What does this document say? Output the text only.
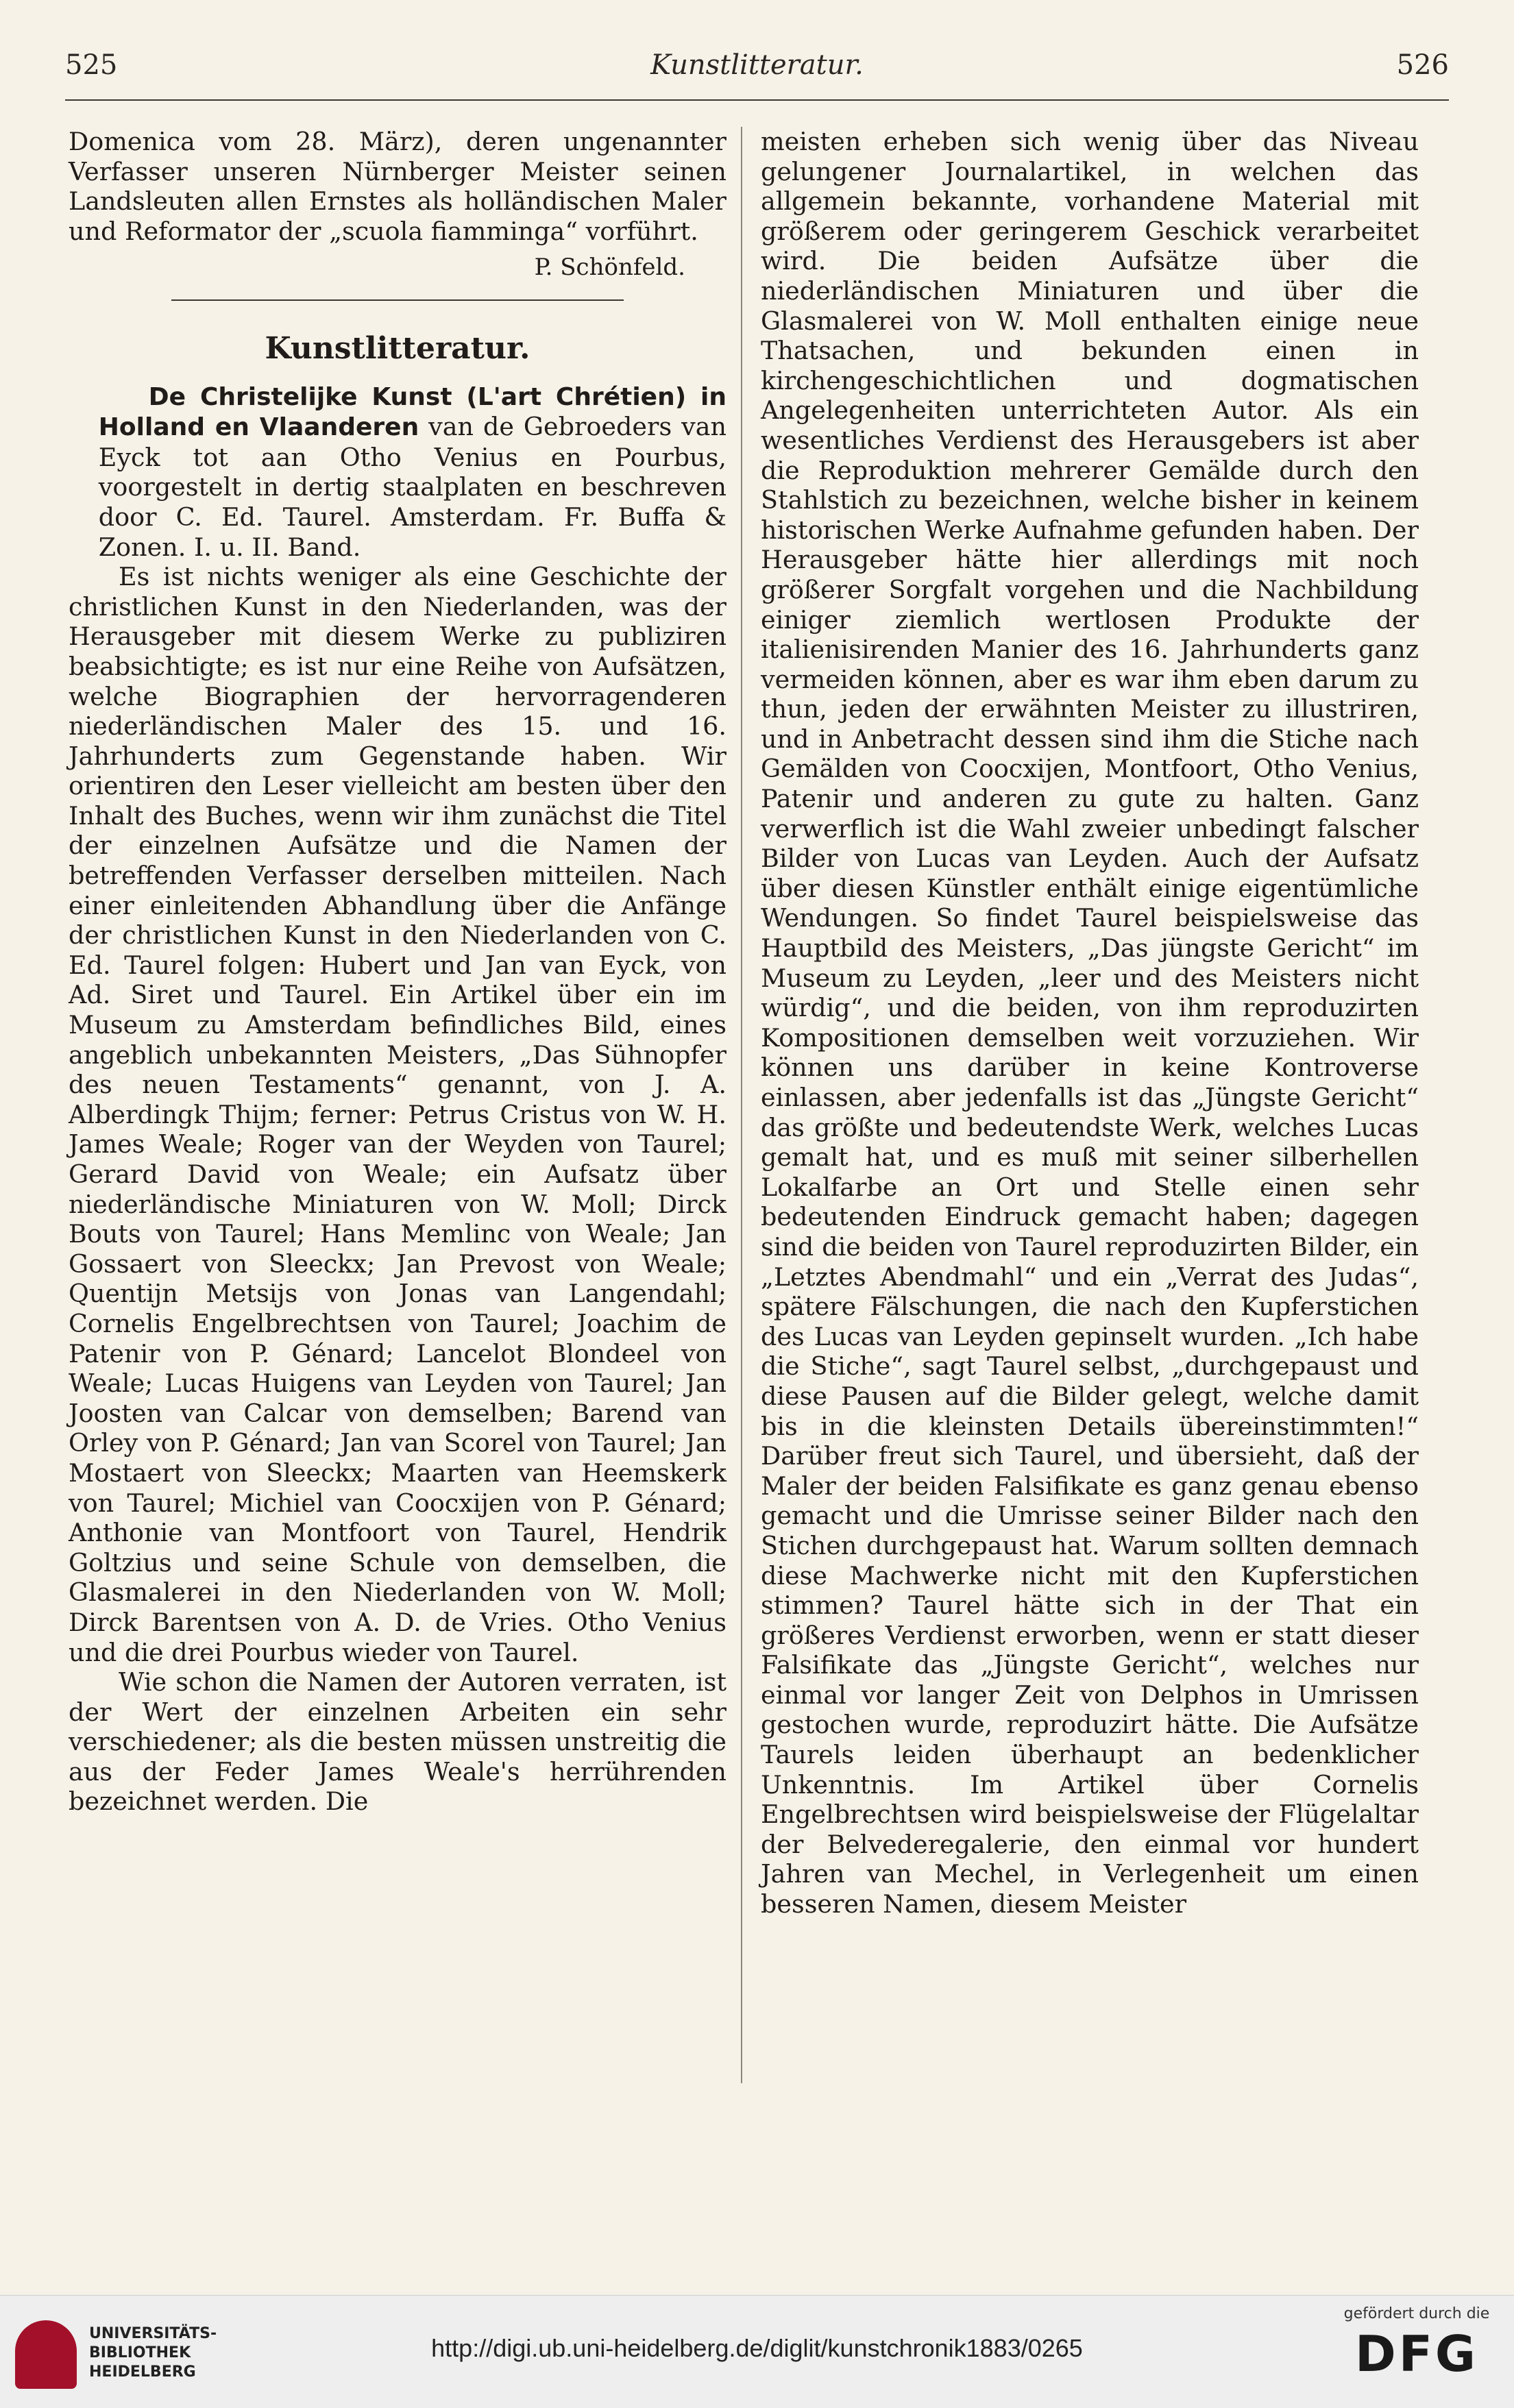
525	Kunstlitteratur.	526

Domenica vom 28. März), deren ungenannter Verfasser unseren Nürnberger Meister seinen Landsleuten allen Ernstes als holländischen Maler und Reformator der „scuola fiamminga“ vorführt.

P. Schönfeld.
Kunstlitteratur.

De Christelijke Kunst (L'art Chrétien) in Holland en Vlaanderen van de Gebroeders van Eyck tot aan Otho Venius en Pourbus, voorgestelt in dertig staalplaten en beschreven door C. Ed. Taurel. Amsterdam. Fr. Buffa & Zonen. I. u. II. Band.

Es ist nichts weniger als eine Geschichte der christlichen Kunst in den Niederlanden, was der Herausgeber mit diesem Werke zu publiziren beabsichtigte; es ist nur eine Reihe von Aufsätzen, welche Biographien der hervorragenderen niederländischen Maler des 15. und 16. Jahrhunderts zum Gegenstande haben. Wir orientiren den Leser vielleicht am besten über den Inhalt des Buches, wenn wir ihm zunächst die Titel der einzelnen Aufsätze und die Namen der betreffenden Verfasser derselben mitteilen. Nach einer einleitenden Abhandlung über die Anfänge der christlichen Kunst in den Niederlanden von C. Ed. Taurel folgen: Hubert und Jan van Eyck, von Ad. Siret und Taurel. Ein Artikel über ein im Museum zu Amsterdam befindliches Bild, eines angeblich unbekannten Meisters, „Das Sühnopfer des neuen Testaments“ genannt, von J. A. Alberdingk Thijm; ferner: Petrus Cristus von W. H. James Weale; Roger van der Weyden von Taurel; Gerard David von Weale; ein Aufsatz über niederländische Miniaturen von W. Moll; Dirck Bouts von Taurel; Hans Memlinc von Weale; Jan Gossaert von Sleeckx; Jan Prevost von Weale; Quentijn Metsijs von Jonas van Langendahl; Cornelis Engelbrechtsen von Taurel; Joachim de Patenir von P. Génard; Lancelot Blondeel von Weale; Lucas Huigens van Leyden von Taurel; Jan Joosten van Calcar von demselben; Barend van Orley von P. Génard; Jan van Scorel von Taurel; Jan Mostaert von Sleeckx; Maarten van Heemskerk von Taurel; Michiel van Coocxijen von P. Génard; Anthonie van Montfoort von Taurel, Hendrik Goltzius und seine Schule von demselben, die Glasmalerei in den Niederlanden von W. Moll; Dirck Barentsen von A. D. de Vries. Otho Venius und die drei Pourbus wieder von Taurel.

Wie schon die Namen der Autoren verraten, ist der Wert der einzelnen Arbeiten ein sehr verschiedener; als die besten müssen unstreitig die aus der Feder James Weale's herrührenden bezeichnet werden. Die

meisten erheben sich wenig über das Niveau gelungener Journalartikel, in welchen das allgemein bekannte, vorhandene Material mit größerem oder geringerem Geschick verarbeitet wird. Die beiden Aufsätze über die niederländischen Miniaturen und über die Glasmalerei von W. Moll enthalten einige neue Thatsachen, und bekunden einen in kirchengeschichtlichen und dogmatischen Angelegenheiten unterrichteten Autor. Als ein wesentliches Verdienst des Herausgebers ist aber die Reproduktion mehrerer Gemälde durch den Stahlstich zu bezeichnen, welche bisher in keinem historischen Werke Aufnahme gefunden haben. Der Herausgeber hätte hier allerdings mit noch größerer Sorgfalt vorgehen und die Nachbildung einiger ziemlich wertlosen Produkte der italienisirenden Manier des 16. Jahrhunderts ganz vermeiden können, aber es war ihm eben darum zu thun, jeden der erwähnten Meister zu illustriren, und in Anbetracht dessen sind ihm die Stiche nach Gemälden von Coocxijen, Montfoort, Otho Venius, Patenir und anderen zu gute zu halten. Ganz verwerflich ist die Wahl zweier unbedingt falscher Bilder von Lucas van Leyden. Auch der Aufsatz über diesen Künstler enthält einige eigentümliche Wendungen. So findet Taurel beispielsweise das Hauptbild des Meisters, „Das jüngste Gericht“ im Museum zu Leyden, „leer und des Meisters nicht würdig“, und die beiden, von ihm reproduzirten Kompositionen demselben weit vorzuziehen. Wir können uns darüber in keine Kontroverse einlassen, aber jedenfalls ist das „Jüngste Gericht“ das größte und bedeutendste Werk, welches Lucas gemalt hat, und es muß mit seiner silberhellen Lokalfarbe an Ort und Stelle einen sehr bedeutenden Eindruck gemacht haben; dagegen sind die beiden von Taurel reproduzirten Bilder, ein „Letztes Abendmahl“ und ein „Verrat des Judas“, spätere Fälschungen, die nach den Kupferstichen des Lucas van Leyden gepinselt wurden. „Ich habe die Stiche“, sagt Taurel selbst, „durchgepaust und diese Pausen auf die Bilder gelegt, welche damit bis in die kleinsten Details übereinstimmten!“ Darüber freut sich Taurel, und übersieht, daß der Maler der beiden Falsifikate es ganz genau ebenso gemacht und die Umrisse seiner Bilder nach den Stichen durchgepaust hat. Warum sollten demnach diese Machwerke nicht mit den Kupferstichen stimmen? Taurel hätte sich in der That ein größeres Verdienst erworben, wenn er statt dieser Falsifikate das „Jüngste Gericht“, welches nur einmal vor langer Zeit von Delphos in Umrissen gestochen wurde, reproduzirt hätte. Die Aufsätze Taurels leiden überhaupt an bedenklicher Unkenntnis. Im Artikel über Cornelis Engelbrechtsen wird beispielsweise der Flügelaltar der Belvederegalerie, den einmal vor hundert Jahren van Mechel, in Verlegenheit um einen besseren Namen, diesem Meister

UNIVERSITÄTS-
BIBLIOTHEK
HEIDELBERG
http://digi.ub.uni-heidelberg.de/diglit/kunstchronik1883/0265
gefördert durch die
DFG
